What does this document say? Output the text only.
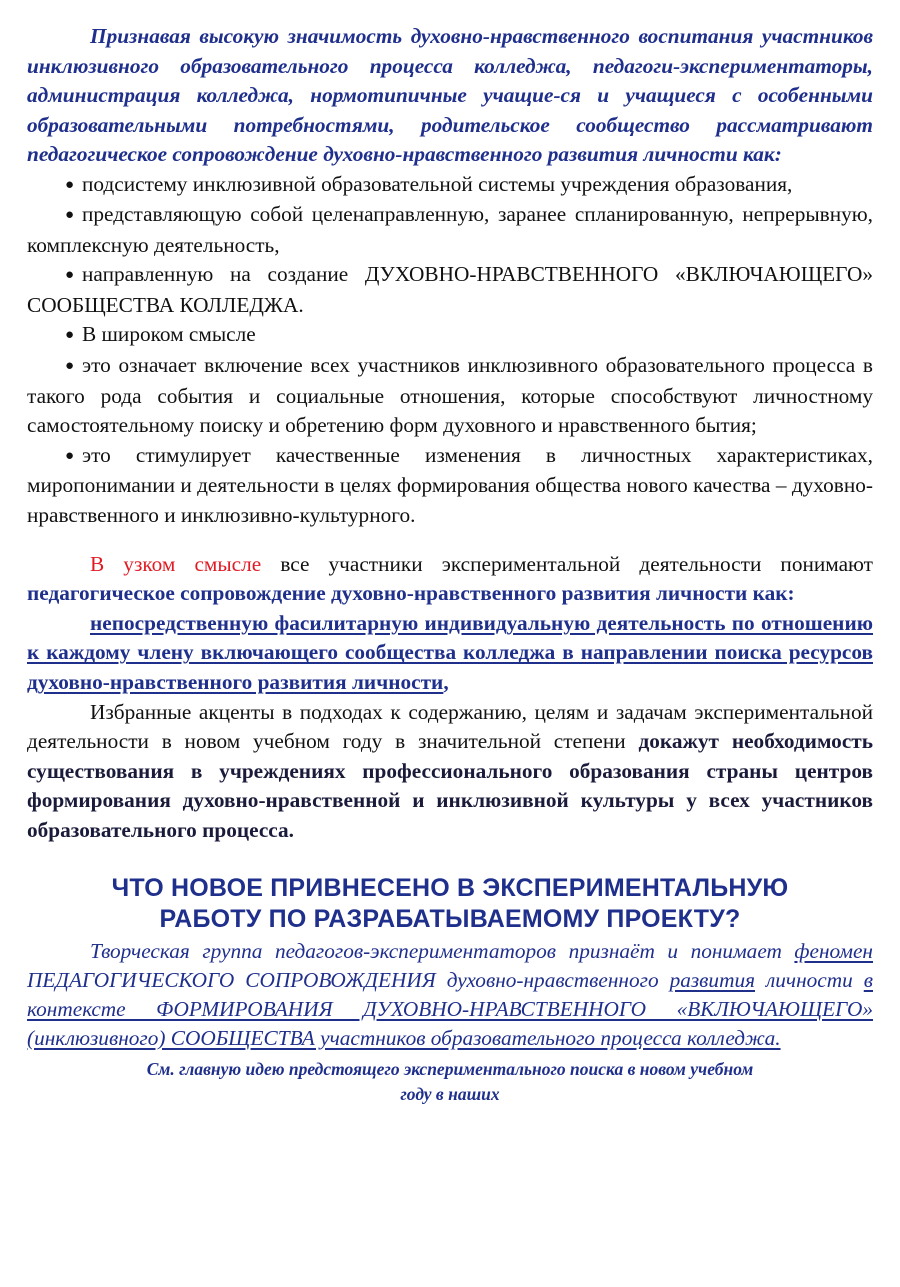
Признавая высокую значимость духовно-нравственного воспитания участников инклюзивного образовательного процесса колледжа, педагоги-экспериментаторы, администрация колледжа, нормотипичные учащие-ся и учащиеся с особенными образовательными потребностями, родительское сообщество рассматривают педагогическое сопровождение духовно-нравственного развития личности как:

● подсистему инклюзивной образовательной системы учреждения образования,
● представляющую собой целенаправленную, заранее спланированную, непрерывную, комплексную деятельность,
● направленную на создание ДУХОВНО-НРАВСТВЕННОГО «ВКЛЮЧАЮЩЕГО» СООБЩЕСТВА КОЛЛЕДЖА.
● В широком смысле
● это означает включение всех участников инклюзивного образовательного процесса в такого рода события и социальные отношения, которые способствуют личностному самостоятельному поиску и обретению форм духовного и нравственного бытия;
● это стимулирует качественные изменения в личностных характеристиках, миропонимании и деятельности в целях формирования общества нового качества – духовно-нравственного и инклюзивно-культурного.

В узком смысле все участники экспериментальной деятельности понимают педагогическое сопровождение духовно-нравственного развития личности как:

непосредственную фасилитарную индивидуальную деятельность по отношению к каждому члену включающего сообщества колледжа в направлении поиска ресурсов духовно-нравственного развития личности,

Избранные акценты в подходах к содержанию, целям и задачам экспериментальной деятельности в новом учебном году в значительной степени докажут необходимость существования в учреждениях профессионального образования страны центров формирования духовно-нравственной и инклюзивной культуры у всех участников образовательного процесса.

ЧТО НОВОЕ ПРИВНЕСЕНО В ЭКСПЕРИМЕНТАЛЬНУЮ
РАБОТУ ПО РАЗРАБАТЫВАЕМОМУ ПРОЕКТУ?

Творческая группа педагогов-экспериментаторов признаёт и понимает феномен ПЕДАГОГИЧЕСКОГО СОПРОВОЖДЕНИЯ духовно-нравственного развития личности в контексте ФОРМИРОВАНИЯ ДУХОВНО-НРАВСТВЕННОГО «ВКЛЮЧАЮЩЕГО» (инклюзивного) СООБЩЕСТВА участников образовательного процесса колледжа.

См. главную идею предстоящего экспериментального поиска в новом учебном
году в наших
